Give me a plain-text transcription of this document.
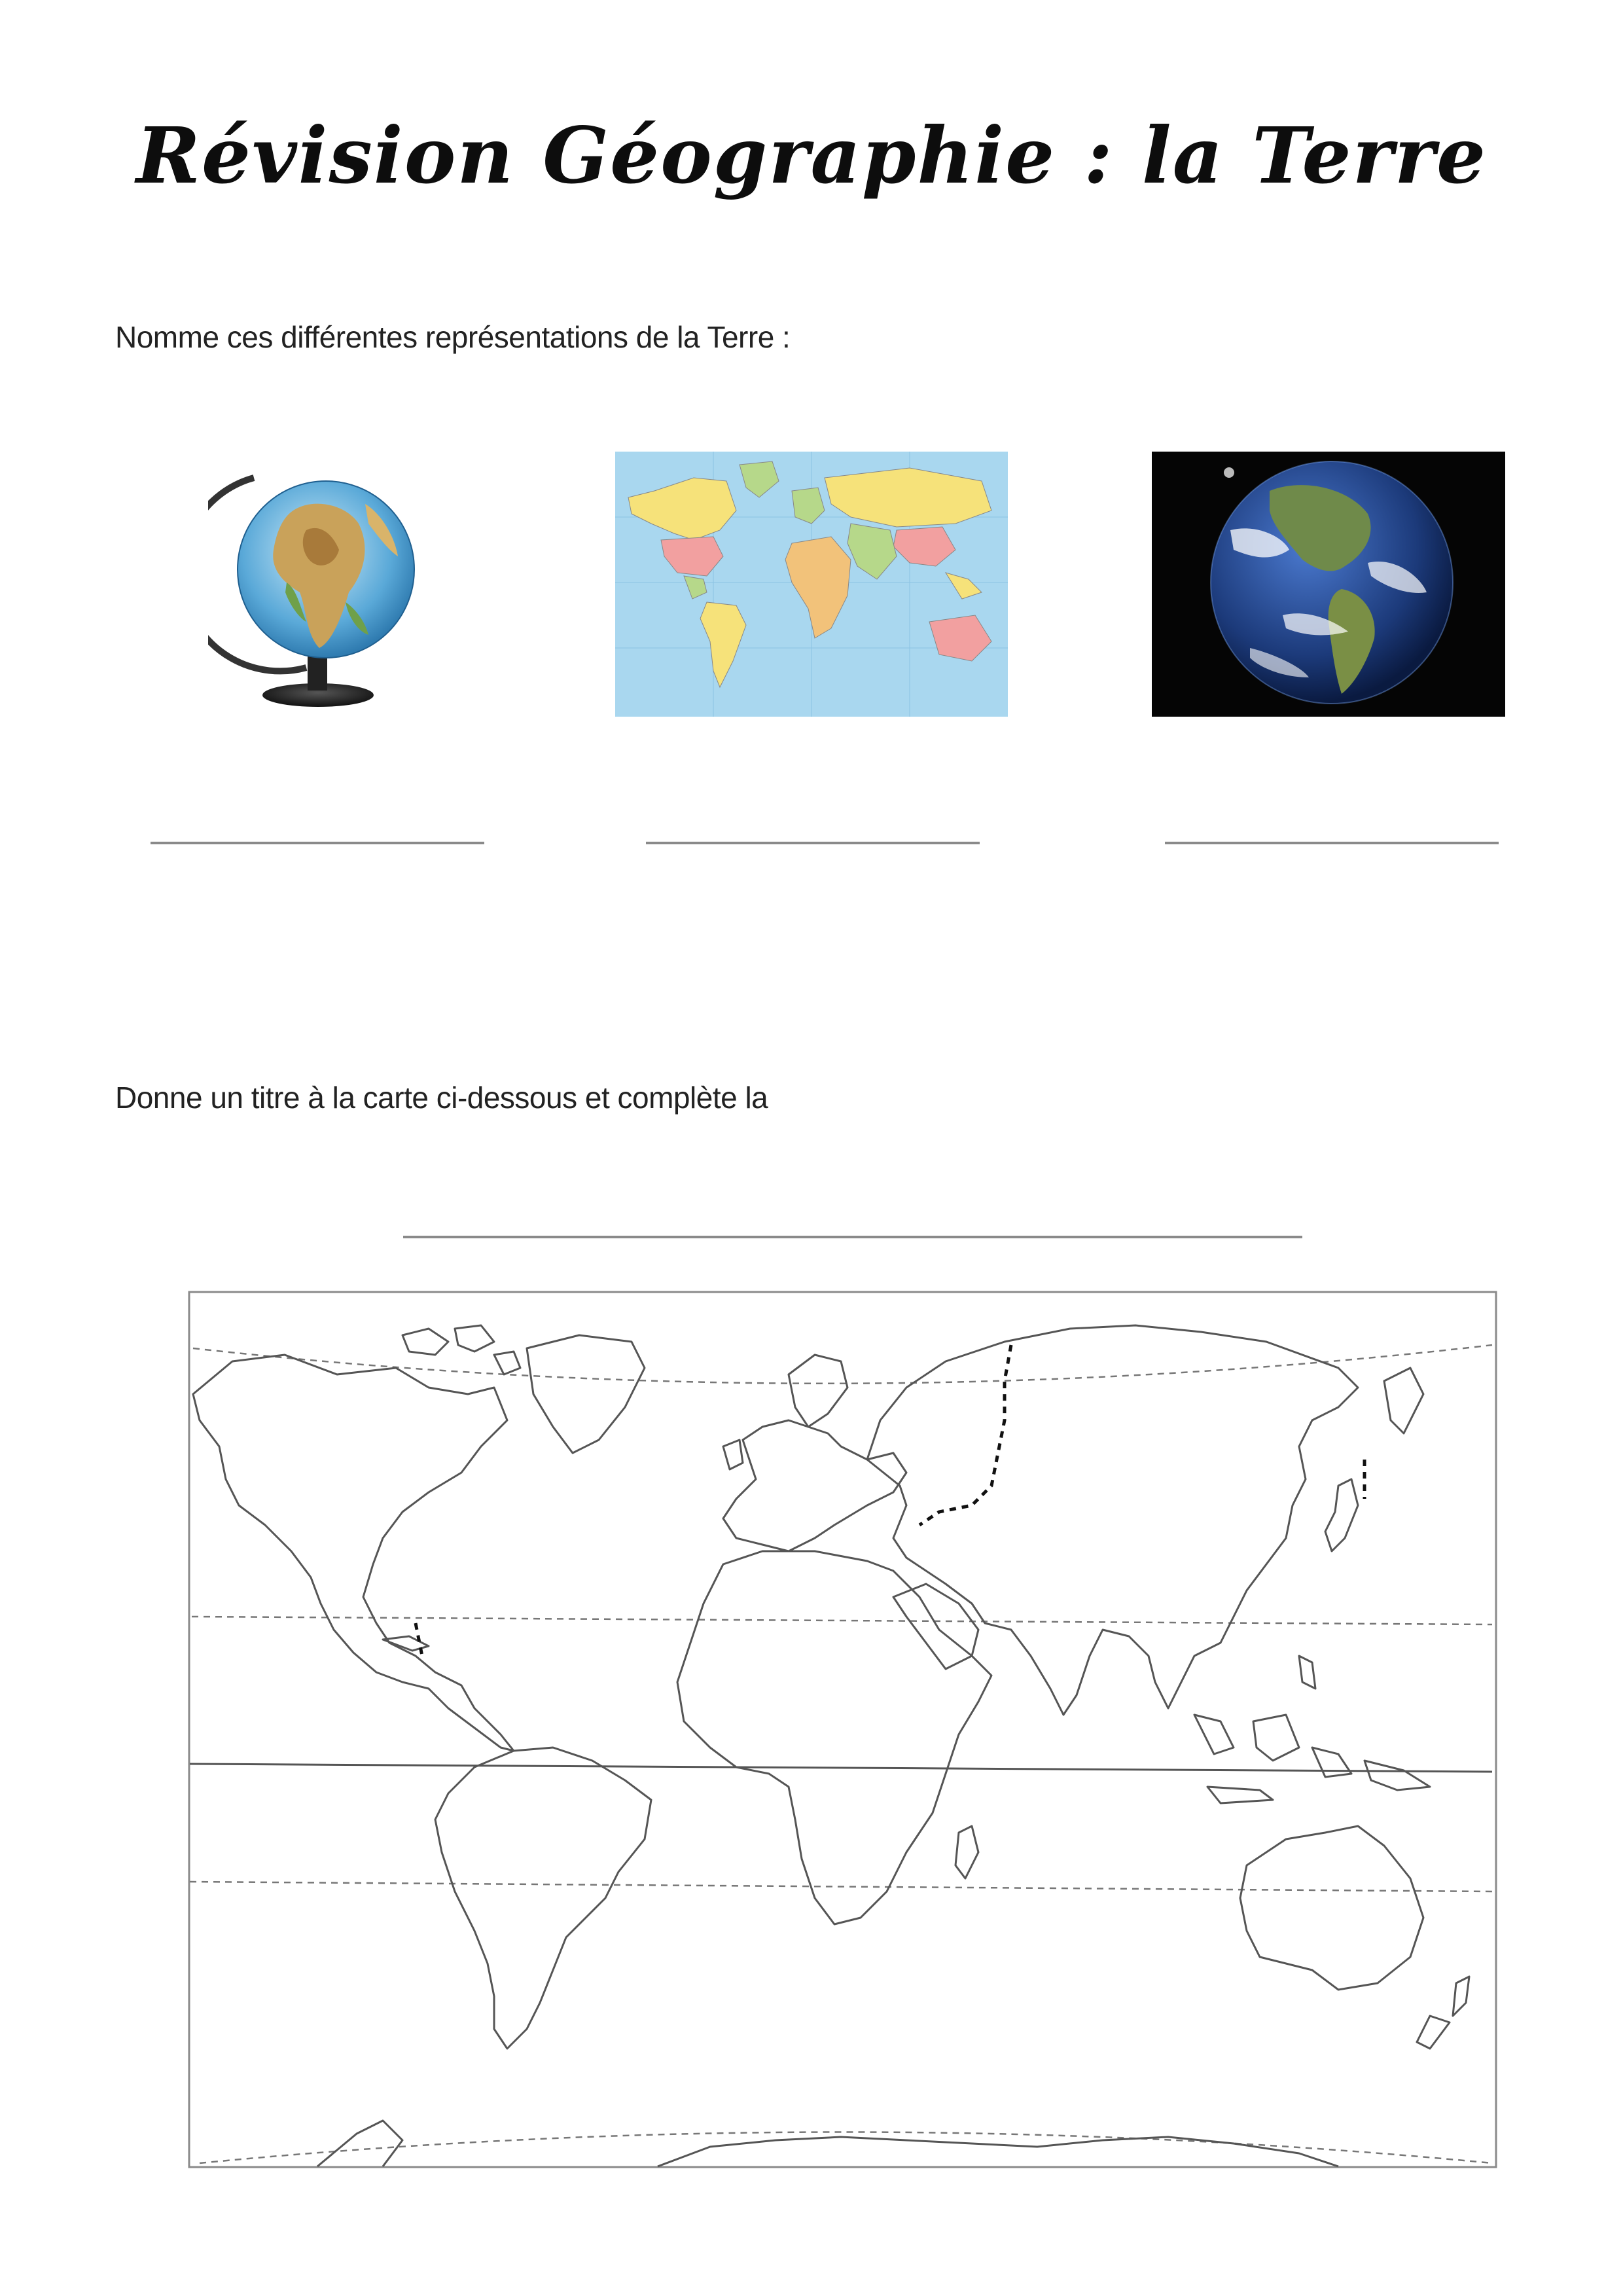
Révision Géographie : la Terre
Nomme ces différentes représentations de la Terre :
Donne un titre à la carte ci-dessous et complète la
